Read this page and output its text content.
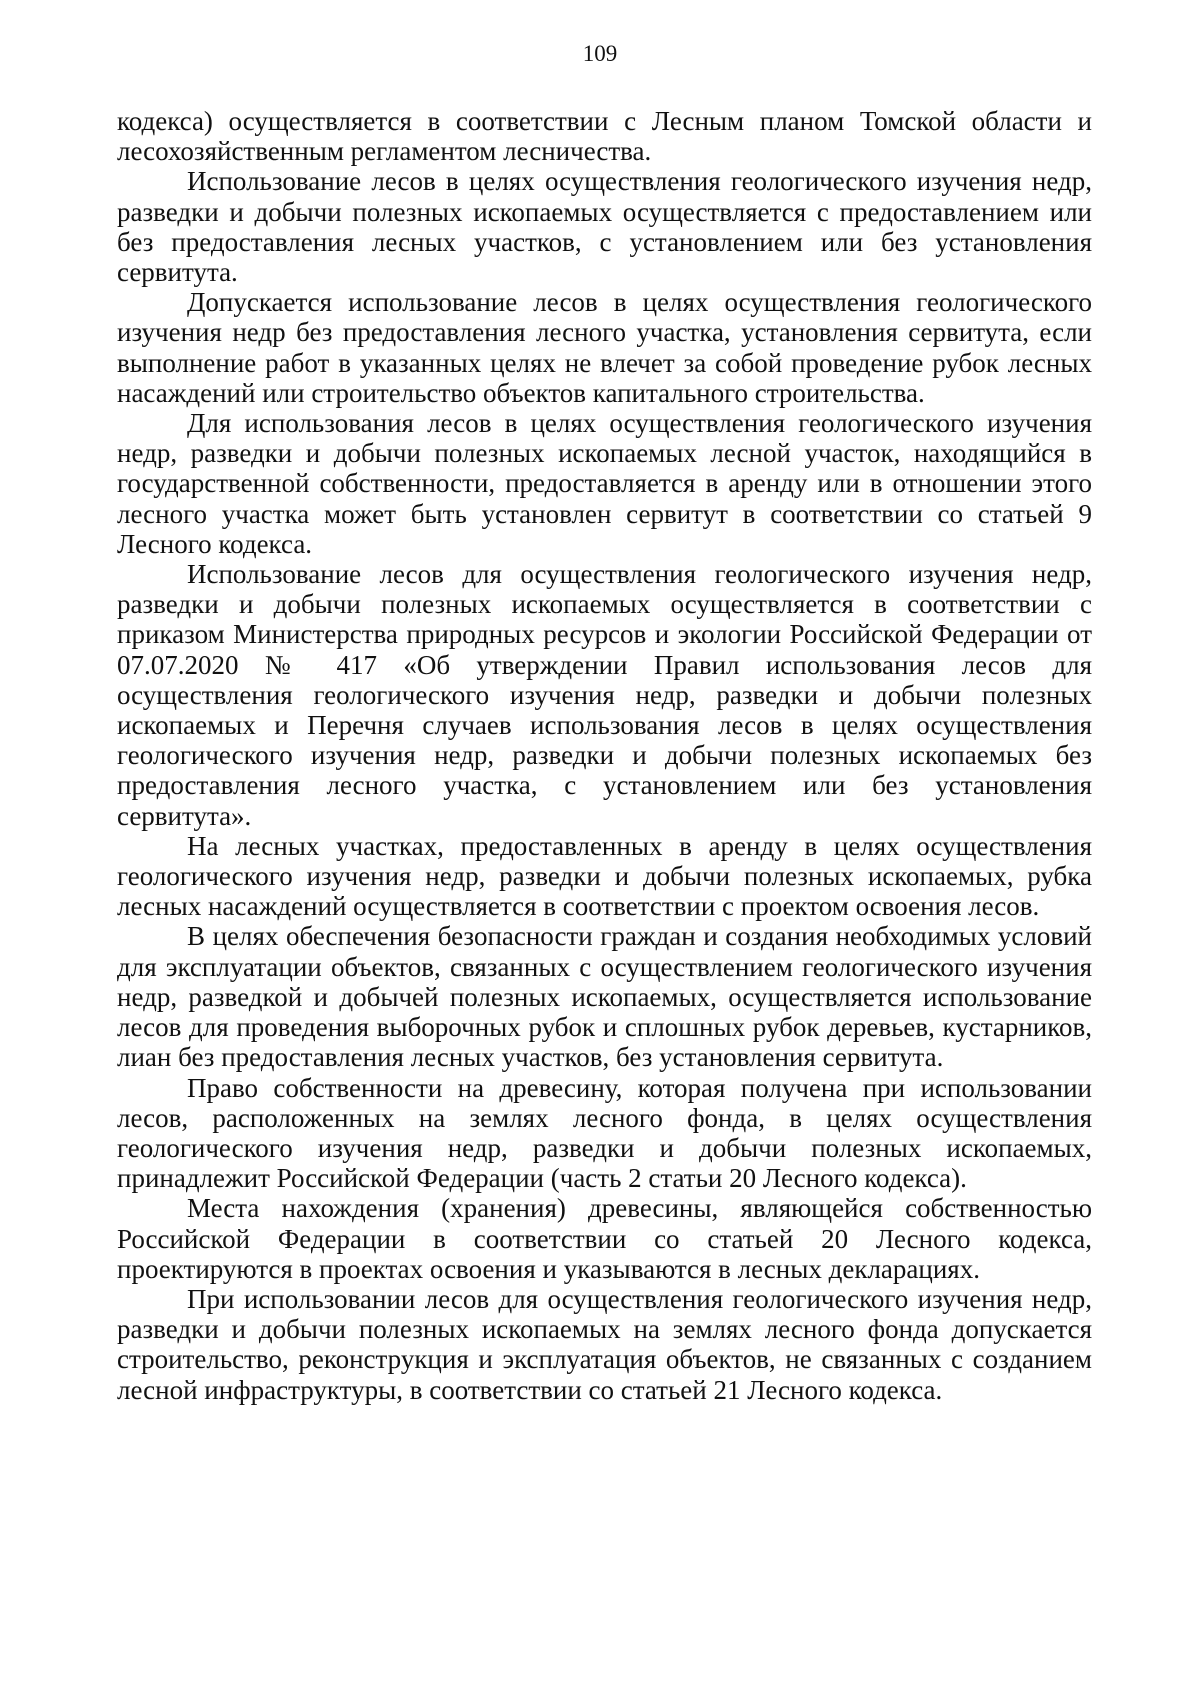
109

кодекса) осуществляется в соответствии с Лесным планом Томской области и лесохозяйственным регламентом лесничества.

Использование лесов в целях осуществления геологического изучения недр, разведки и добычи полезных ископаемых осуществляется с предоставлением или без предоставления лесных участков, с установлением или без установления сервитута.

Допускается использование лесов в целях осуществления геологического изучения недр без предоставления лесного участка, установления сервитута, если выполнение работ в указанных целях не влечет за собой проведение рубок лесных насаждений или строительство объектов капитального строительства.

Для использования лесов в целях осуществления геологического изучения недр, разведки и добычи полезных ископаемых лесной участок, находящийся в государственной собственности, предоставляется в аренду или в отношении этого лесного участка может быть установлен сервитут в соответствии со статьей 9 Лесного кодекса.

Использование лесов для осуществления геологического изучения недр, разведки и добычи полезных ископаемых осуществляется в соответствии с приказом Министерства природных ресурсов и экологии Российской Федерации от 07.07.2020 № 417 «Об утверждении Правил использования лесов для осуществления геологического изучения недр, разведки и добычи полезных ископаемых и Перечня случаев использования лесов в целях осуществления геологического изучения недр, разведки и добычи полезных ископаемых без предоставления лесного участка, с установлением или без установления сервитута».

На лесных участках, предоставленных в аренду в целях осуществления геологического изучения недр, разведки и добычи полезных ископаемых, рубка лесных насаждений осуществляется в соответствии с проектом освоения лесов.

В целях обеспечения безопасности граждан и создания необходимых условий для эксплуатации объектов, связанных с осуществлением геологического изучения недр, разведкой и добычей полезных ископаемых, осуществляется использование лесов для проведения выборочных рубок и сплошных рубок деревьев, кустарников, лиан без предоставления лесных участков, без установления сервитута.

Право собственности на древесину, которая получена при использовании лесов, расположенных на землях лесного фонда, в целях осуществления геологического изучения недр, разведки и добычи полезных ископаемых, принадлежит Российской Федерации (часть 2 статьи 20 Лесного кодекса).

Места нахождения (хранения) древесины, являющейся собственностью Российской Федерации в соответствии со статьей 20 Лесного кодекса, проектируются в проектах освоения и указываются в лесных декларациях.

При использовании лесов для осуществления геологического изучения недр, разведки и добычи полезных ископаемых на землях лесного фонда допускается строительство, реконструкция и эксплуатация объектов, не связанных с созданием лесной инфраструктуры, в соответствии со статьей 21 Лесного кодекса.
